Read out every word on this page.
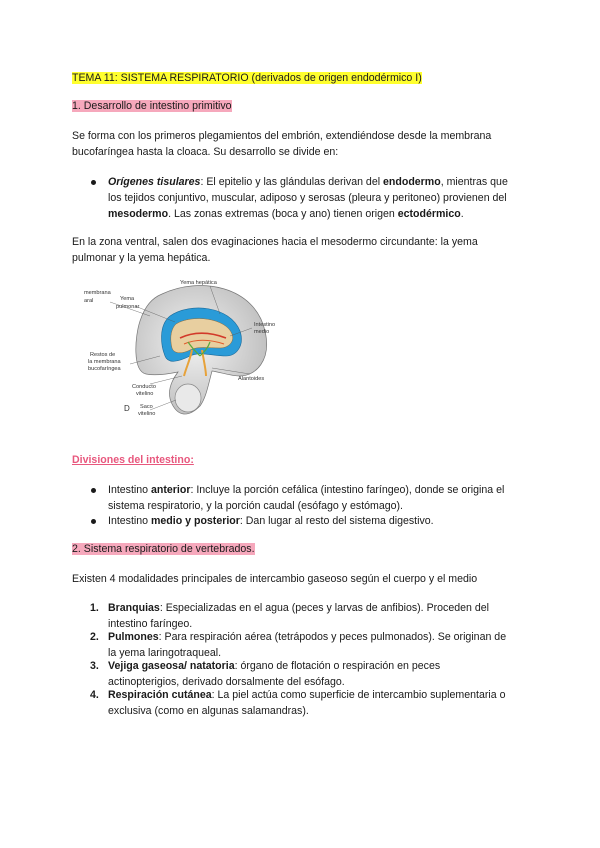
TEMA 11: SISTEMA RESPIRATORIO (derivados de origen endodérmico I)
1. Desarrollo de intestino primitivo
Se forma con los primeros plegamientos del embrión, extendiéndose desde la membrana
bucofaríngea hasta la cloaca. Su desarrollo se divide en:
Orígenes tisulares: El epitelio y las glándulas derivan del endodermo, mientras que
los tejidos conjuntivo, muscular, adiposo y serosas (pleura y peritoneo) provienen del
mesodermo. Las zonas extremas (boca y ano) tienen origen ectodérmico.
En la zona ventral, salen dos evaginaciones hacia el mesodermo circundante: la yema
pulmonar y la yema hepática.
membrana
aral	Yema
pulmonar
Yema hepática
Intestino
medio
Restos de
la membrana
bucofaríngea
Alantoides
Conducto
vitelino
Saco
vitelino
D
Divisiones del intestino:
Intestino anterior: Incluye la porción cefálica (intestino faríngeo), donde se origina el
sistema respiratorio, y la porción caudal (esófago y estómago).
Intestino medio y posterior: Dan lugar al resto del sistema digestivo.
2. Sistema respiratorio de vertebrados.
Existen 4 modalidades principales de intercambio gaseoso según el cuerpo y el medio
1. Branquias: Especializadas en el agua (peces y larvas de anfibios). Proceden del
intestino faríngeo.
2. Pulmones: Para respiración aérea (tetrápodos y peces pulmonados). Se originan de
la yema laringotraqueal.
3. Vejiga gaseosa/ natatoria: órgano de flotación o respiración en peces
actinopterigios, derivado dorsalmente del esófago.
4. Respiración cutánea: La piel actúa como superficie de intercambio suplementaria o
exclusiva (como en algunas salamandras).
